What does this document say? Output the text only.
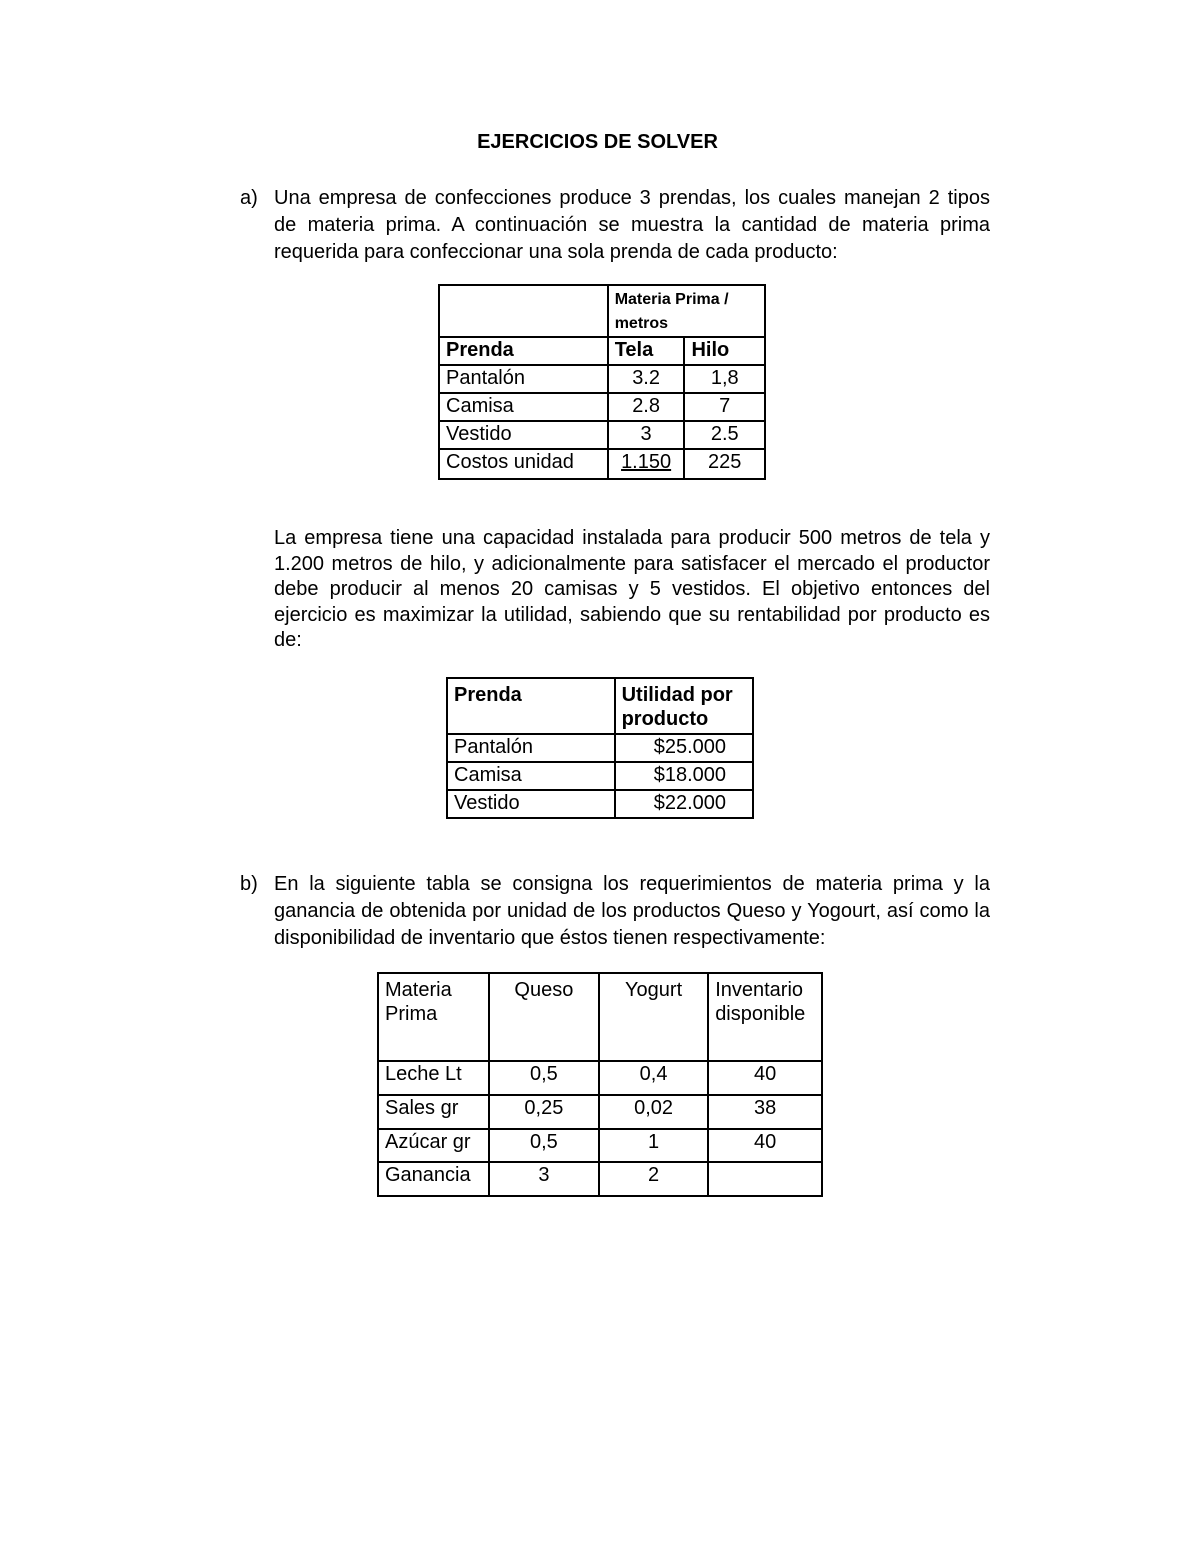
EJERCICIOS DE SOLVER
a) Una empresa de confecciones produce 3 prendas, los cuales manejan 2 tipos de materia prima. A continuación se muestra la cantidad de materia prima requerida para confeccionar una sola prenda de cada producto:
	Materia Prima / metros	
Prenda	Tela	Hilo
Pantalón	3.2	1,8
Camisa	2.8	7
Vestido	3	2.5
Costos unidad	1.150	225
La empresa tiene una capacidad instalada para producir 500 metros de tela y 1.200 metros de hilo, y adicionalmente para satisfacer el mercado el productor debe producir al menos 20 camisas y 5 vestidos. El objetivo entonces del ejercicio es maximizar la utilidad, sabiendo que su rentabilidad por producto es de:
Prenda	Utilidad por producto
Pantalón	$25.000
Camisa	$18.000
Vestido	$22.000
b) En la siguiente tabla se consigna los requerimientos de materia prima y la ganancia de obtenida por unidad de los productos Queso y Yogourt, así como la disponibilidad de inventario que éstos tienen respectivamente:
Materia Prima	Queso	Yogurt	Inventario disponible
Leche Lt	0,5	0,4	40
Sales gr	0,25	0,02	38
Azúcar gr	0,5	1	40
Ganancia	3	2	
